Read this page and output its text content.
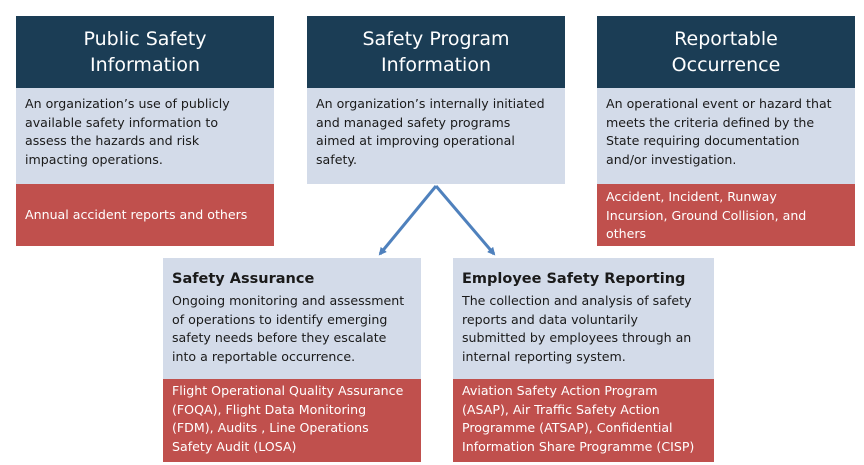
Public Safety
Information
An organization’s use of publicly
available safety information to
assess the hazards and risk
impacting operations.
Annual accident reports and others
Safety Program
Information
An organization’s internally initiated
and managed safety programs
aimed at improving operational
safety.
Reportable
Occurrence
An operational event or hazard that
meets the criteria defined by the
State requiring documentation
and/or investigation.
Accident, Incident, Runway
Incursion, Ground Collision, and
others
Safety Assurance
Ongoing monitoring and assessment
of operations to identify emerging
safety needs before they escalate
into a reportable occurrence.
Flight Operational Quality Assurance
(FOQA), Flight Data Monitoring
(FDM), Audits , Line Operations
Safety Audit (LOSA)
Employee Safety Reporting
The collection and analysis of safety
reports and data voluntarily
submitted by employees through an
internal reporting system.
Aviation Safety Action Program
(ASAP), Air Traffic Safety Action
Programme (ATSAP), Confidential
Information Share Programme (CISP)
